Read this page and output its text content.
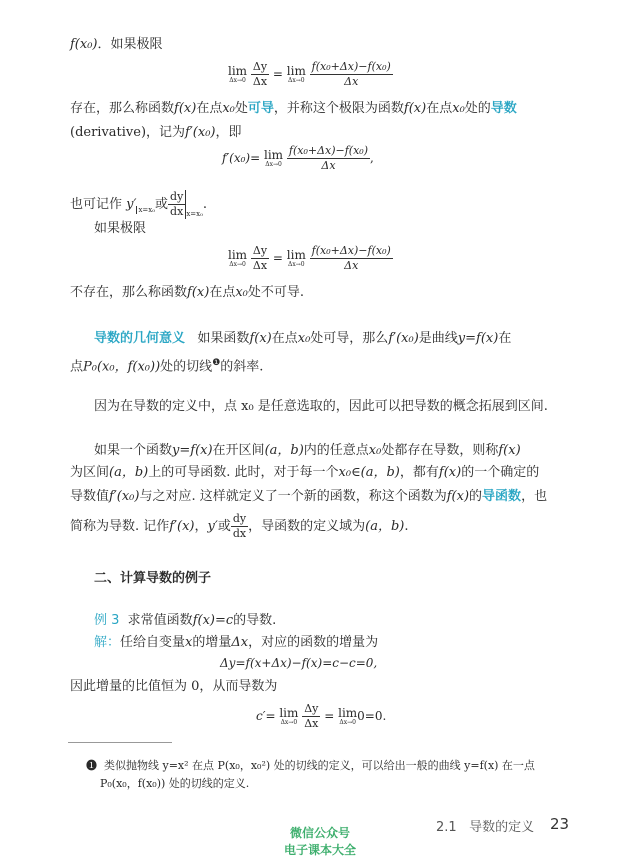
f(x₀)．如果极限
lim
Δx→0
$\frac{\Delta y}{\Delta x} = \lim$
Δx→0
$\frac{\text{f(x₀+Δx)−f(x₀)}}{\Delta x}$
存在，那么称函数f(x)在点x₀处可导，并称这个极限为函数f(x)在点x₀处的导数
(derivative)，记为f′(x₀)，即
f′(x₀)= lim
Δx→0
$\frac{\text{f(x₀+Δx)−f(x₀)}}{\Delta x}$ ,
也可记作 y′ $_{x=x_0}$或 $\frac{dy}{dx} _{x=x_0}$.
如果极限
lim
Δx→0
$\frac{\Delta y}{\Delta x} = \lim$
Δx→0
$\frac{\text{f(x₀+Δx)−f(x₀)}}{\Delta x}$
不存在，那么称函数f(x)在点x₀处不可导.
导数的几何意义 如果函数f(x)在点x₀处可导，那么f′(x₀)是曲线y=f(x)在
点P₀(x₀，f(x₀))处的切线$^❶$的斜率.
因为在导数的定义中，点 x₀ 是任意选取的，因此可以把导数的概念拓展到区间.
如果一个函数y=f(x)在开区间(a，b)内的任意点x₀处都存在导数，则称f(x)
为区间(a，b)上的可导函数. 此时，对于每一个x₀∈(a，b)，都有f(x)的一个确定的
导数值f′(x₀)与之对应. 这样就定义了一个新的函数，称这个函数为f(x)的导函数，也
简称为导数. 记作f′(x)，y′或 $\frac{dy}{dx}$ ，导函数的定义域为(a，b).
二、计算导数的例子
例 3 求常值函数f(x)=c的导数.
解：任给自变量x的增量Δx，对应的函数的增量为
Δy=f(x+Δx)−f(x)=c−c=0,
因此增量的比值恒为 0，从而导数为
c′= lim
Δx→0
$\frac{\Delta y}{\Delta x} = \lim$
Δx→0 0=0.
❶ 类似抛物线 y=x² 在点 P(x₀，x₀²) 处的切线的定义，可以给出一般的曲线 y=f(x) 在一点
P₀(x₀，f(x₀)) 处的切线的定义.
微信公众号
电子课本大全
2.1 导数的定义 23
